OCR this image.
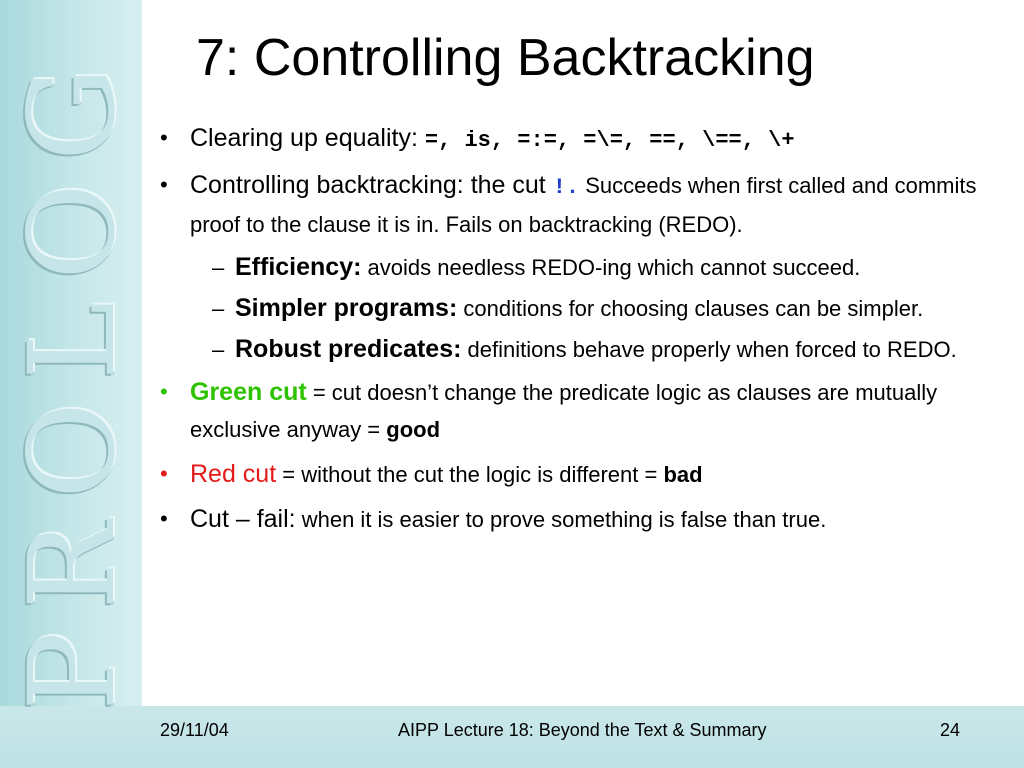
PROLOG 7: Controlling Backtracking
• Clearing up equality: =, is, =:=, =\=, ==, \==, \+
• Controlling backtracking: the cut !. Succeeds when first called and commits proof to the clause it is in. Fails on backtracking (REDO).
– Efficiency: avoids needless REDO-ing which cannot succeed.
– Simpler programs: conditions for choosing clauses can be simpler.
– Robust predicates: definitions behave properly when forced to REDO.
• Green cut = cut doesn’t change the predicate logic as clauses are mutually exclusive anyway = good
• Red cut = without the cut the logic is different = bad
• Cut – fail: when it is easier to prove something is false than true.
29/11/04	AIPP Lecture 18: Beyond the Text & Summary	24
